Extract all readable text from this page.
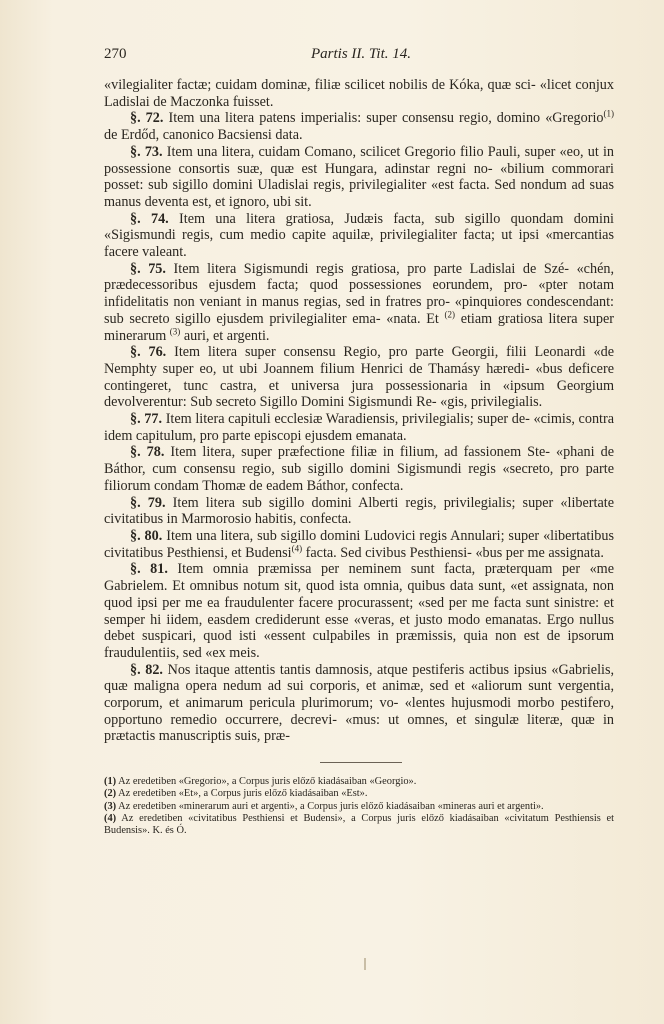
270	Partis II. Tit. 14.

«vilegialiter factæ; cuidam dominæ, filiæ scilicet nobilis de Kóka, quæ sci- «licet conjux Ladislai de Maczonka fuisset.

§. 72. Item una litera patens imperialis: super consensu regio, domino «Gregorio$^{(1)}$ de Erdőd, canonico Bacsiensi data.

§. 73. Item una litera, cuidam Comano, scilicet Gregorio filio Pauli, super «eo, ut in possessione consortis suæ, quæ est Hungara, adinstar regni no- «bilium commorari posset: sub sigillo domini Uladislai regis, privilegialiter «est facta. Sed nondum ad suas manus deventa est, et ignoro, ubi sit.

§. 74. Item una litera gratiosa, Judæis facta, sub sigillo quondam domini «Sigismundi regis, cum medio capite aquilæ, privilegialiter facta; ut ipsi «mercantias facere valeant.

§. 75. Item litera Sigismundi regis gratiosa, pro parte Ladislai de Szé- «chén, prædecessoribus ejusdem facta; quod possessiones eorundem, pro- «pter notam infidelitatis non veniant in manus regias, sed in fratres pro- «pinquiores condescendant: sub secreto sigillo ejusdem privilegialiter ema- «nata. Et $^{(2)}$ etiam gratiosa litera super minerarum $^{(3)}$ auri, et argenti.

§. 76. Item litera super consensu Regio, pro parte Georgii, filii Leonardi «de Nemphty super eo, ut ubi Joannem filium Henrici de Thamásy hæredi- «bus deficere contingeret, tunc castra, et universa jura possessionaria in «ipsum Georgium devolverentur: Sub secreto Sigillo Domini Sigismundi Re- «gis, privilegialis.

§. 77. Item litera capituli ecclesiæ Waradiensis, privilegialis; super de- «cimis, contra idem capitulum, pro parte episcopi ejusdem emanata.

§. 78. Item litera, super præfectione filiæ in filium, ad fassionem Ste- «phani de Báthor, cum consensu regio, sub sigillo domini Sigismundi regis «secreto, pro parte filiorum condam Thomæ de eadem Báthor, confecta.

§. 79. Item litera sub sigillo domini Alberti regis, privilegialis; super «libertate civitatibus in Marmorosio habitis, confecta.

§. 80. Item una litera, sub sigillo domini Ludovici regis Annulari; super «libertatibus civitatibus Pesthiensi, et Budensi$^{(4)}$ facta. Sed civibus Pesthiensi- «bus per me assignata.

§. 81. Item omnia præmissa per neminem sunt facta, præterquam per «me Gabrielem. Et omnibus notum sit, quod ista omnia, quibus data sunt, «et assignata, non quod ipsi per me ea fraudulenter facere procurassent; «sed per me facta sunt sinistre: et semper hi iidem, easdem crediderunt esse «veras, et justo modo emanatas. Ergo nullus debet suspicari, quod isti «essent culpabiles in præmissis, quia non est de ipsorum fraudulentiis, sed «ex meis.

§. 82. Nos itaque attentis tantis damnosis, atque pestiferis actibus ipsius «Gabrielis, quæ maligna opera nedum ad sui corporis, et animæ, sed et «aliorum sunt vergentia, corporum, et animarum pericula plurimorum; vo- «lentes hujusmodi morbo pestifero, opportuno remedio occurrere, decrevi- «mus: ut omnes, et singulæ literæ, quæ in prætactis manuscriptis suis, præ-

(1) Az eredetiben «Gregorio», a Corpus juris előző kiadásaiban «Georgio».

(2) Az eredetiben «Et», a Corpus juris előző kiadásaiban «Est».

(3) Az eredetiben «minerarum auri et argenti», a Corpus juris előző kiadásaiban «mineras auri et argenti».

(4) Az eredetiben «civitatibus Pesthiensi et Budensi», a Corpus juris előző kiadásaiban «civitatum Pesthiensis et Budensis». K. és Ó.
